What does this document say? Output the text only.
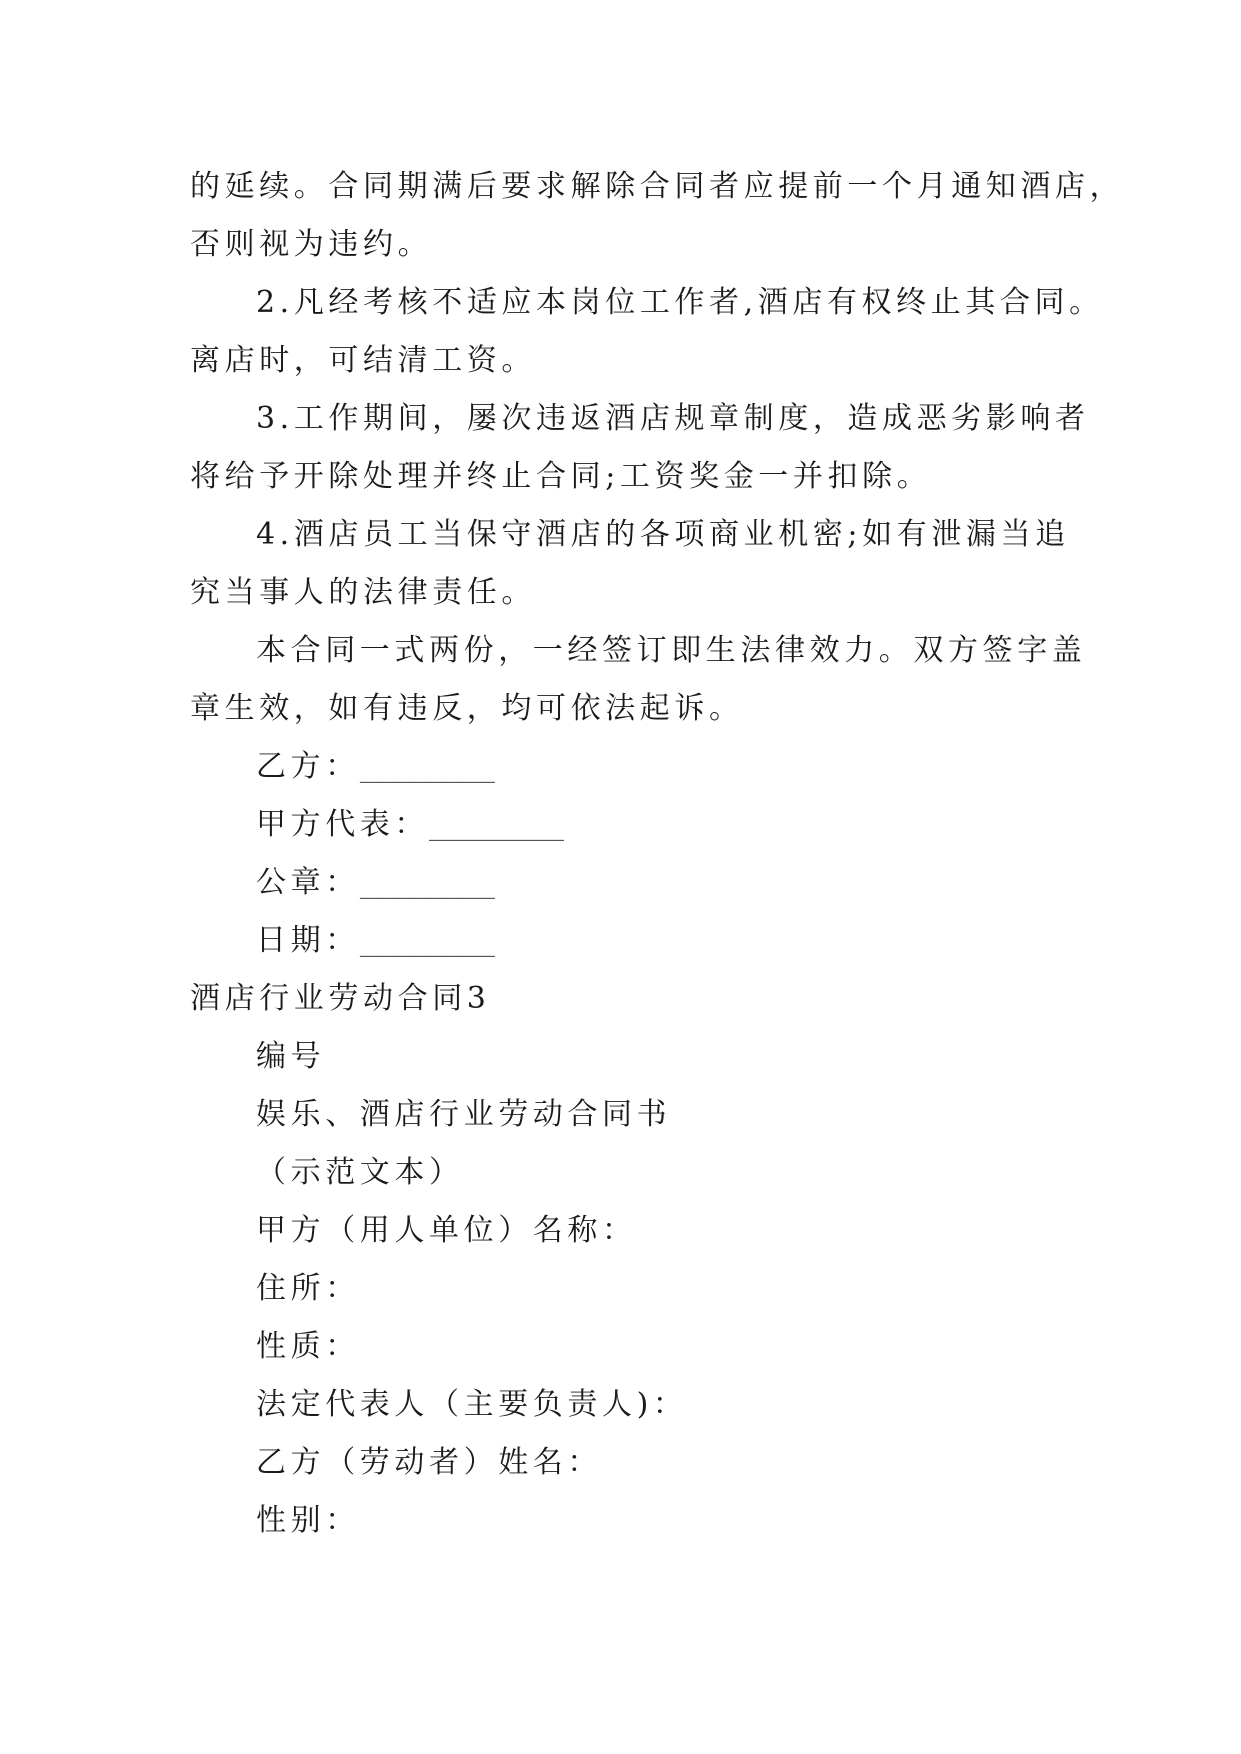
的延续。合同期满后要求解除合同者应提前一个月通知酒店，
否则视为违约。
2.凡经考核不适应本岗位工作者,酒店有权终止其合同。
离店时，可结清工资。
3.工作期间，屡次违返酒店规章制度，造成恶劣影响者
将给予开除处理并终止合同;工资奖金一并扣除。
4.酒店员工当保守酒店的各项商业机密;如有泄漏当追
究当事人的法律责任。
本合同一式两份，一经签订即生法律效力。双方签字盖
章生效，如有违反，均可依法起诉。
乙方：_________
甲方代表：_________
公章：_________
日期：_________
酒店行业劳动合同3
编号
娱乐、酒店行业劳动合同书
（示范文本）
甲方（用人单位）名称：
住所：
性质：
法定代表人（主要负责人)：
乙方（劳动者）姓名：
性别：
